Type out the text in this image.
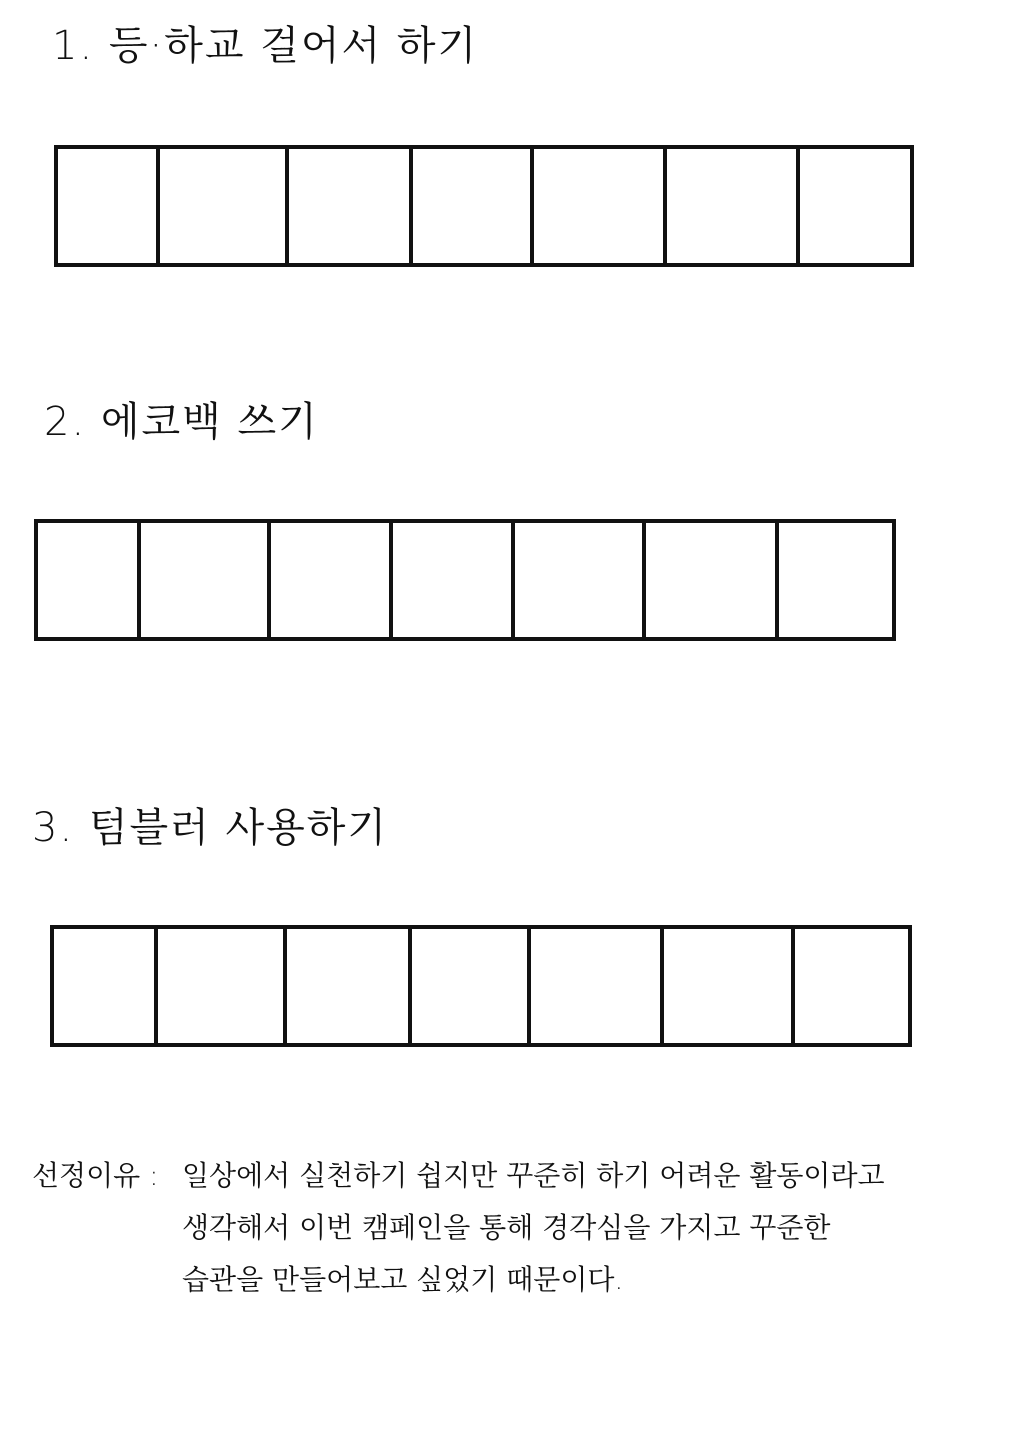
1. 등·하교 걸어서 하기
2. 에코백 쓰기
3. 텀블러 사용하기
선정이유 : 일상에서 실천하기 쉽지만 꾸준히 하기 어려운 활동이라고
생각해서 이번 캠페인을 통해 경각심을 가지고 꾸준한
습관을 만들어보고 싶었기 때문이다.
